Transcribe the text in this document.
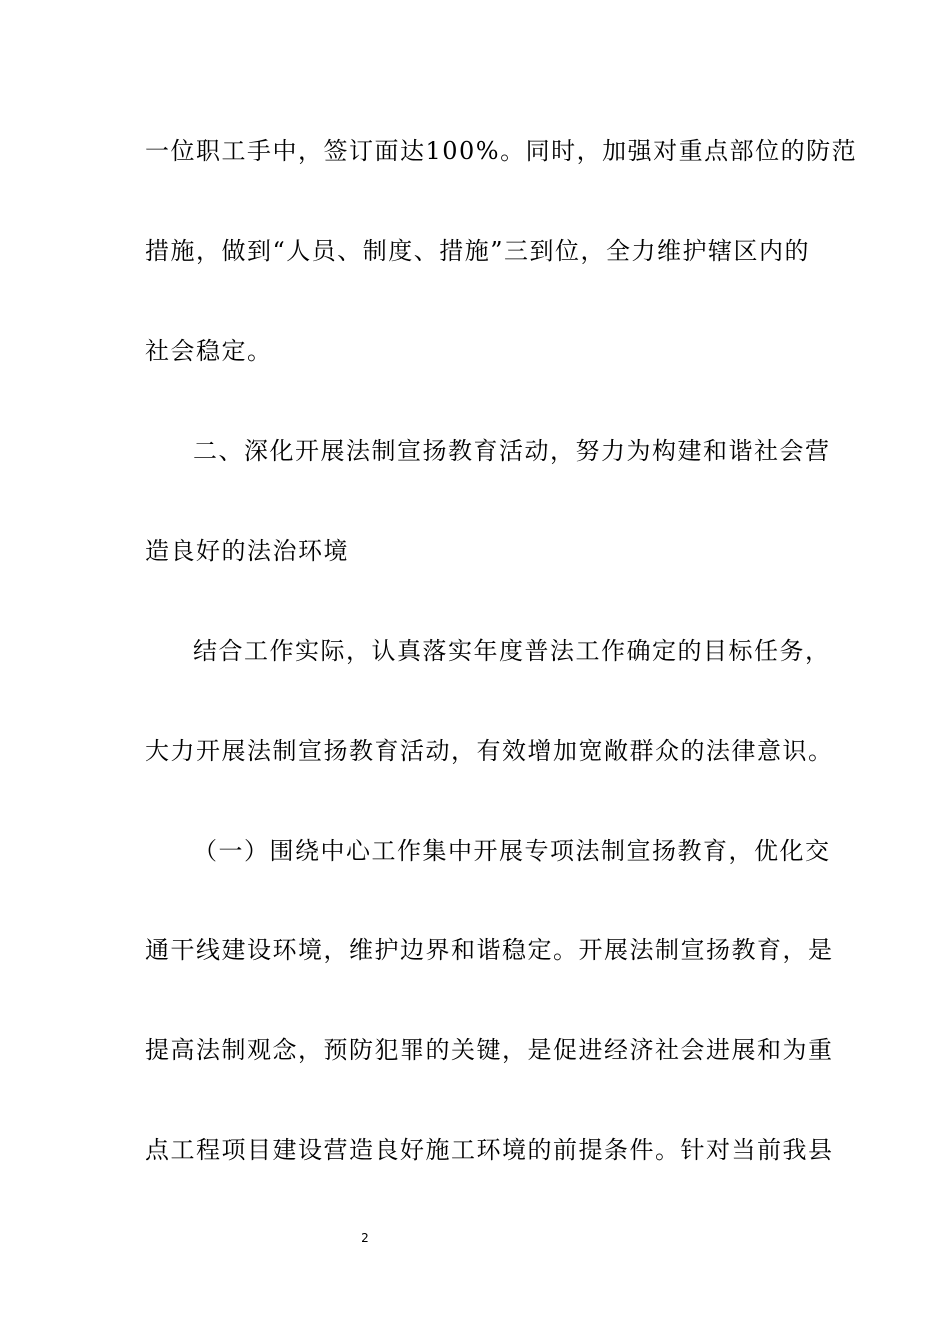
一位职工手中，签订面达100%。同时，加强对重点部位的防范
措施，做到“人员、制度、措施”三到位，全力维护辖区内的
社会稳定。
二、深化开展法制宣扬教育活动，努力为构建和谐社会营
造良好的法治环境
结合工作实际，认真落实年度普法工作确定的目标任务，
大力开展法制宣扬教育活动，有效增加宽敞群众的法律意识。
（一）围绕中心工作集中开展专项法制宣扬教育，优化交
通干线建设环境，维护边界和谐稳定。开展法制宣扬教育，是
提高法制观念，预防犯罪的关键，是促进经济社会进展和为重
点工程项目建设营造良好施工环境的前提条件。针对当前我县
2
